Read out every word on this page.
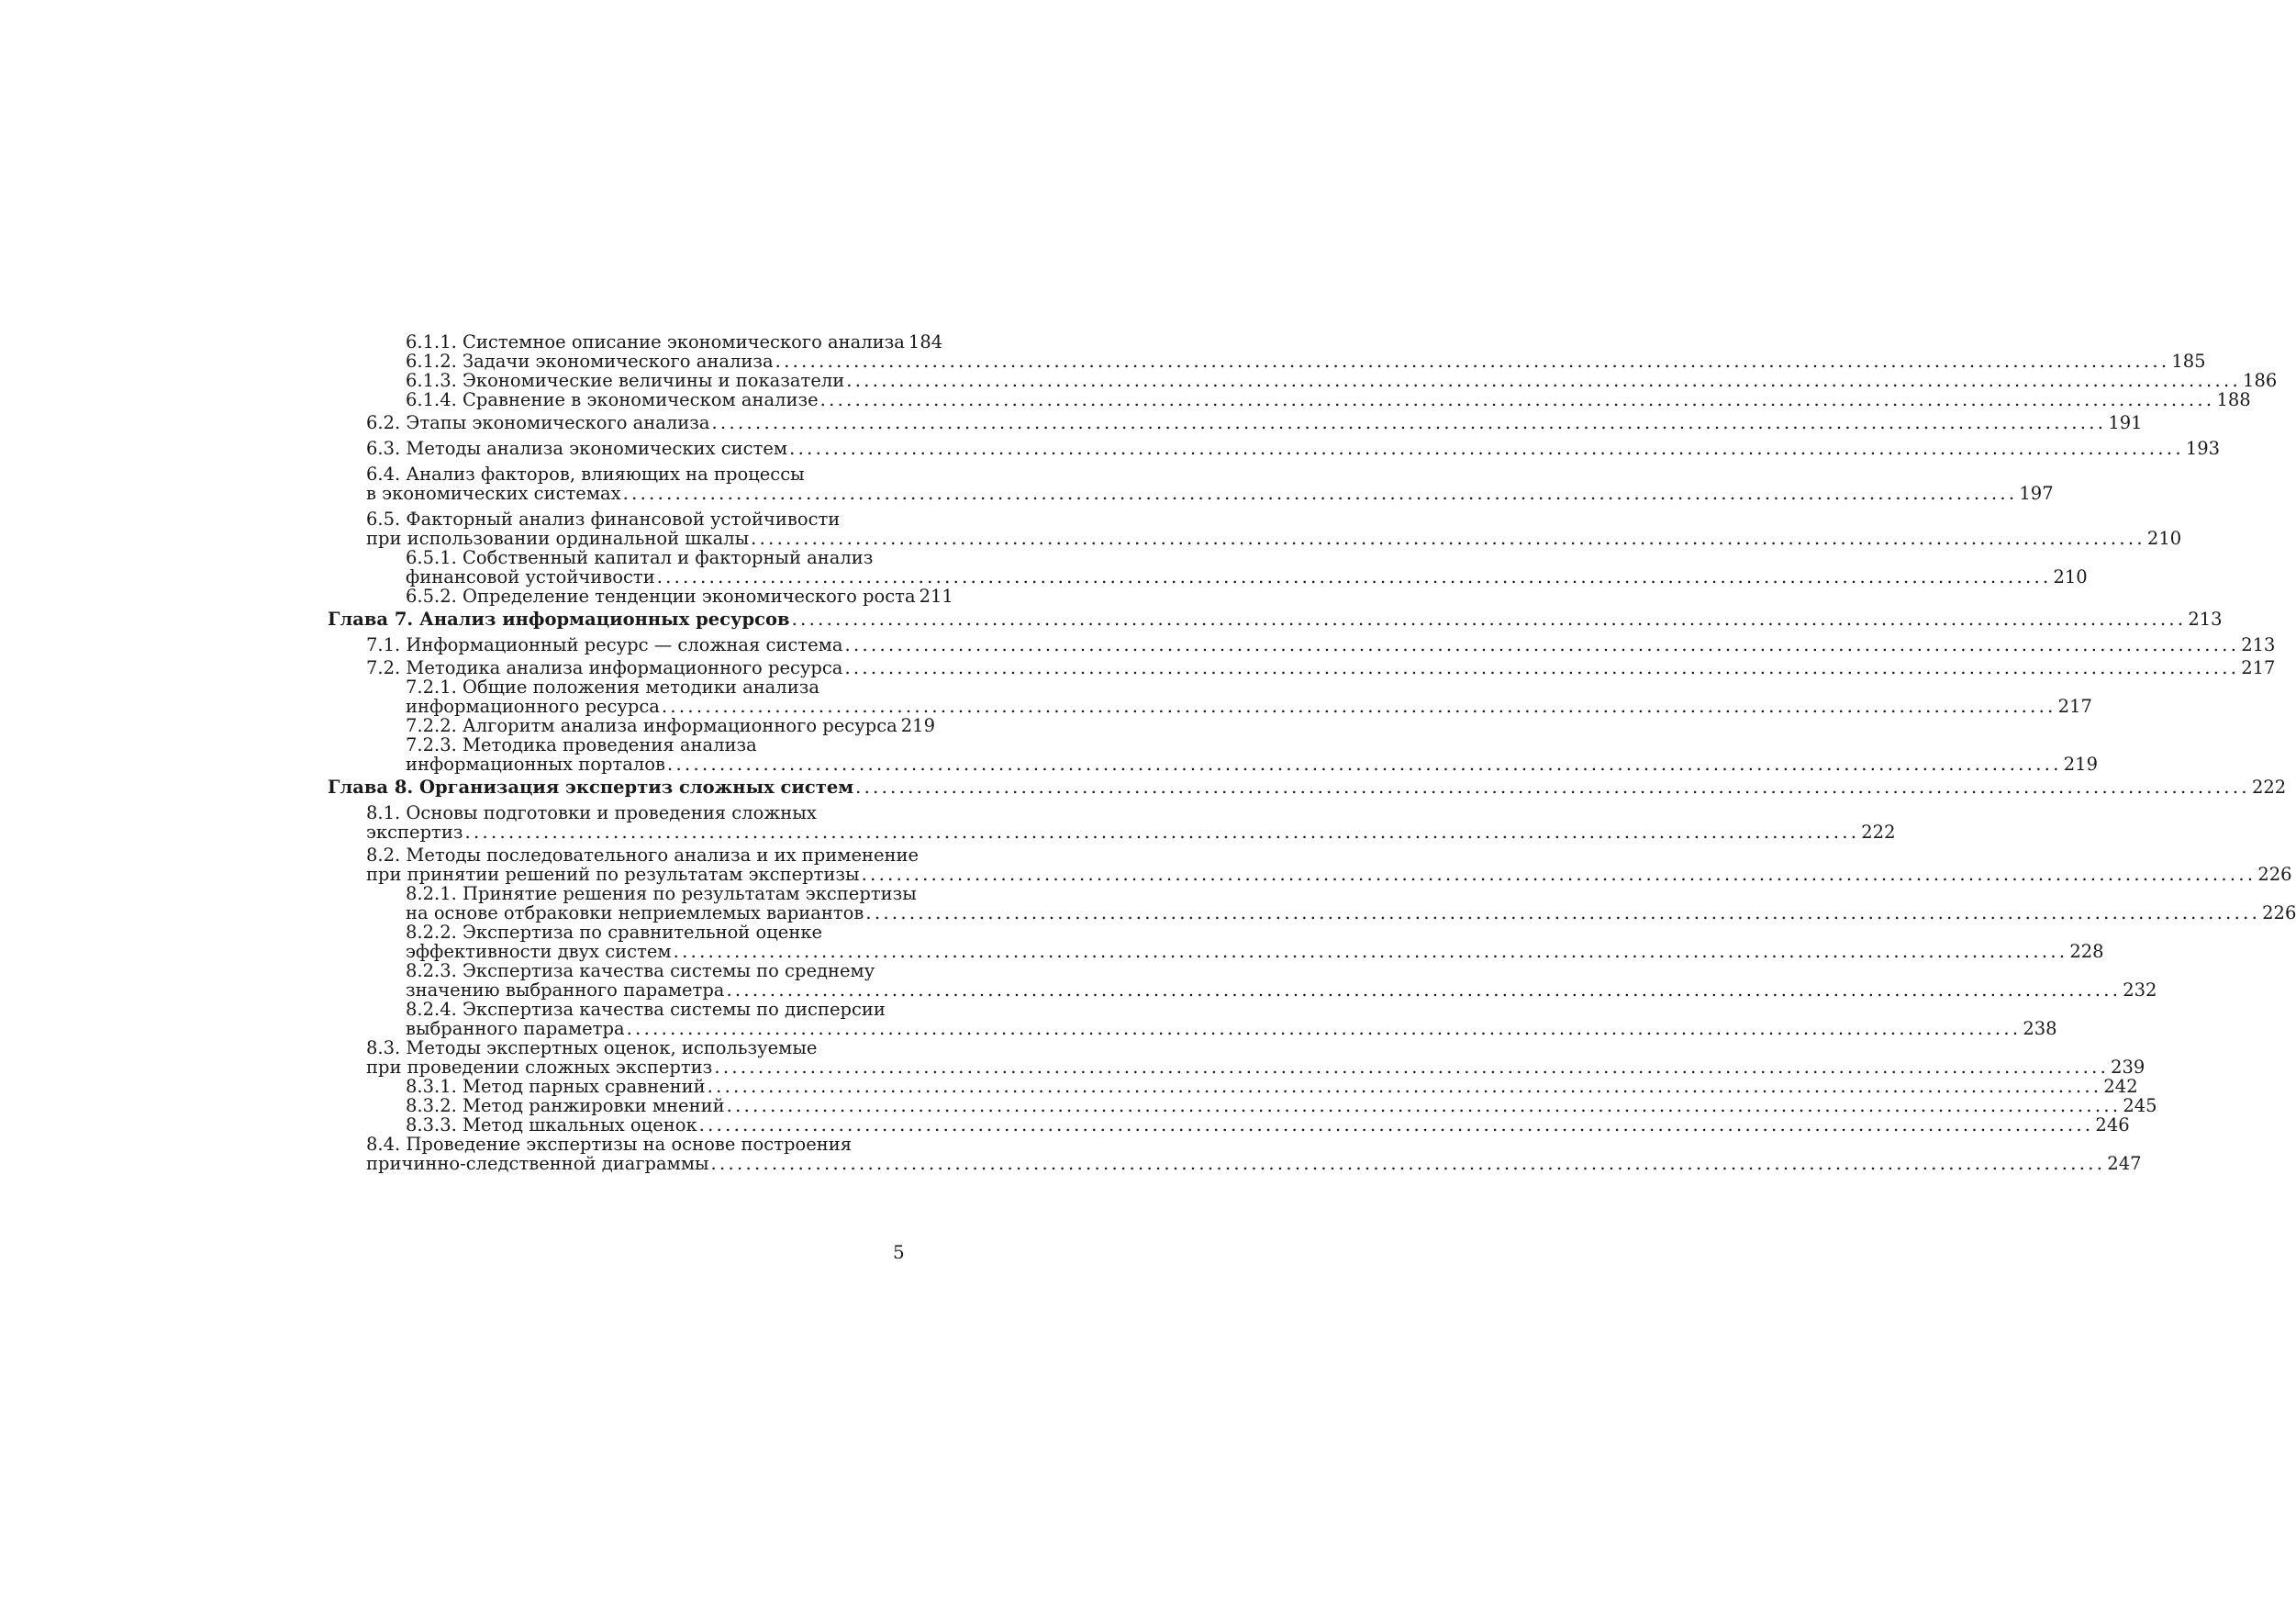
6.1.1. Системное описание экономического анализа 184
6.1.2. Задачи экономического анализа ................................................................................................................................................................ 185
6.1.3. Экономические величины и показатели ................................................................................................................................................................ 186
6.1.4. Сравнение в экономическом анализе ................................................................................................................................................................ 188
6.2. Этапы экономического анализа ................................................................................................................................................................ 191
6.3. Методы анализа экономических систем ................................................................................................................................................................ 193
6.4. Анализ факторов, влияющих на процессы
в экономических системах ................................................................................................................................................................ 197
6.5. Факторный анализ финансовой устойчивости
при использовании ординальной шкалы ................................................................................................................................................................ 210
6.5.1. Собственный капитал и факторный анализ
финансовой устойчивости ................................................................................................................................................................ 210
6.5.2. Определение тенденции экономического роста 211
Глава 7. Анализ информационных ресурсов ................................................................................................................................................................ 213
7.1. Информационный ресурс — сложная система ................................................................................................................................................................ 213
7.2. Методика анализа информационного ресурса ................................................................................................................................................................ 217
7.2.1. Общие положения методики анализа
информационного ресурса ................................................................................................................................................................ 217
7.2.2. Алгоритм анализа информационного ресурса 219
7.2.3. Методика проведения анализа
информационных порталов ................................................................................................................................................................ 219
Глава 8. Организация экспертиз сложных систем ................................................................................................................................................................ 222
8.1. Основы подготовки и проведения сложных
экспертиз ................................................................................................................................................................ 222
8.2. Методы последовательного анализа и их применение
при принятии решений по результатам экспертизы ................................................................................................................................................................ 226
8.2.1. Принятие решения по результатам экспертизы
на основе отбраковки неприемлемых вариантов ................................................................................................................................................................ 226
8.2.2. Экспертиза по сравнительной оценке
эффективности двух систем ................................................................................................................................................................ 228
8.2.3. Экспертиза качества системы по среднему
значению выбранного параметра ................................................................................................................................................................ 232
8.2.4. Экспертиза качества системы по дисперсии
выбранного параметра ................................................................................................................................................................ 238
8.3. Методы экспертных оценок, используемые
при проведении сложных экспертиз ................................................................................................................................................................ 239
8.3.1. Метод парных сравнений ................................................................................................................................................................ 242
8.3.2. Метод ранжировки мнений ................................................................................................................................................................ 245
8.3.3. Метод шкальных оценок ................................................................................................................................................................ 246
8.4. Проведение экспертизы на основе построения
причинно-следственной диаграммы ................................................................................................................................................................ 247
5
